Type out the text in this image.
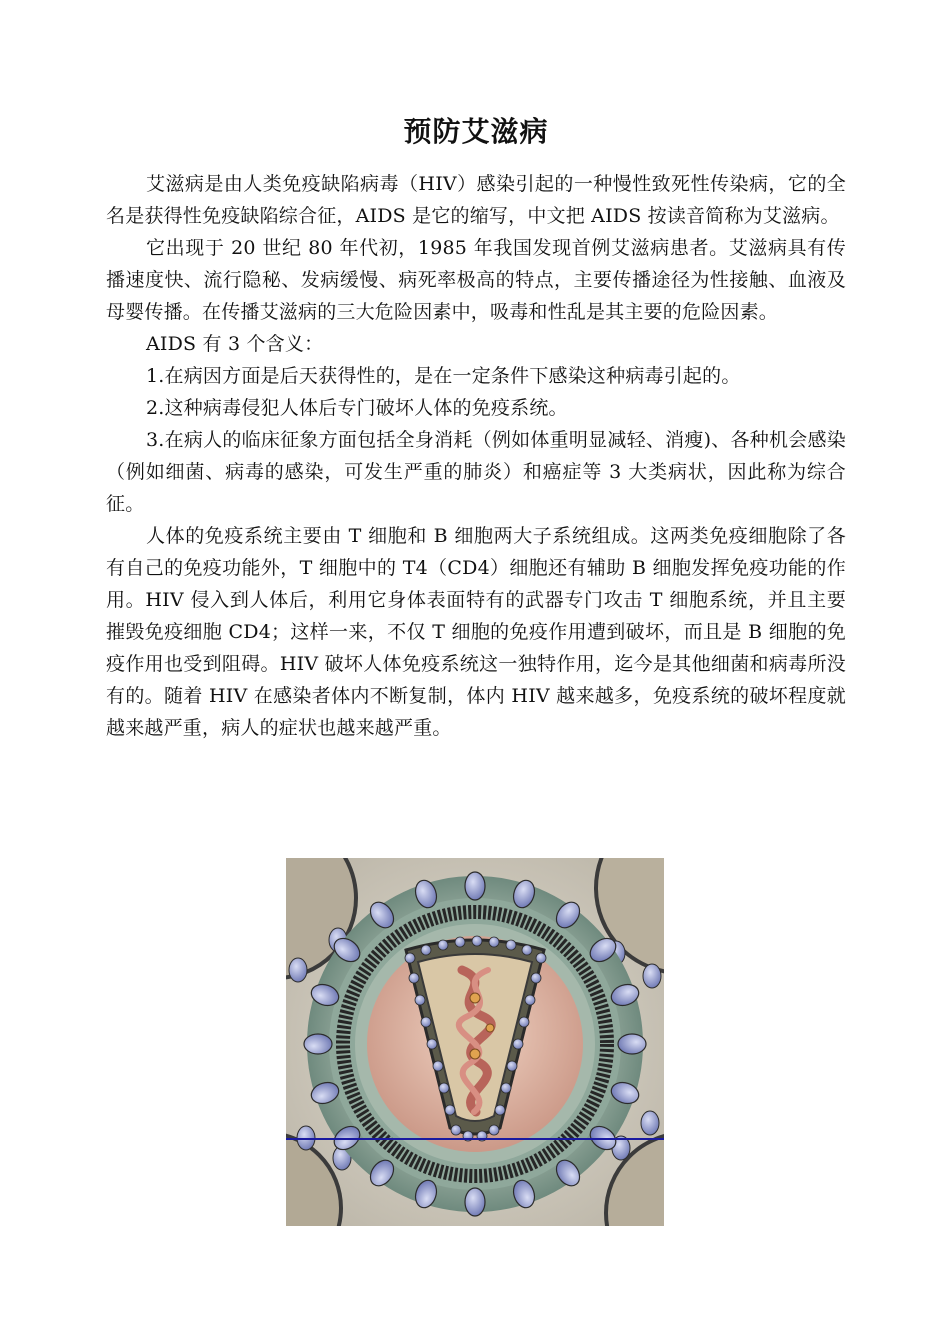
预防艾滋病

艾滋病是由人类免疫缺陷病毒（HIV）感染引起的一种慢性致死性传染病，它的全名是获得性免疫缺陷综合征，AIDS 是它的缩写，中文把 AIDS 按读音简称为艾滋病。

它出现于 20 世纪 80 年代初，1985 年我国发现首例艾滋病患者。艾滋病具有传播速度快、流行隐秘、发病缓慢、病死率极高的特点，主要传播途径为性接触、血液及母婴传播。在传播艾滋病的三大危险因素中，吸毒和性乱是其主要的危险因素。

AIDS 有 3 个含义：

1.在病因方面是后天获得性的，是在一定条件下感染这种病毒引起的。

2.这种病毒侵犯人体后专门破坏人体的免疫系统。

3.在病人的临床征象方面包括全身消耗（例如体重明显减轻、消瘦)、各种机会感染（例如细菌、病毒的感染，可发生严重的肺炎）和癌症等 3 大类病状，因此称为综合征。

人体的免疫系统主要由 T 细胞和 B 细胞两大子系统组成。这两类免疫细胞除了各有自己的免疫功能外，T 细胞中的 T4（CD4）细胞还有辅助 B 细胞发挥免疫功能的作用。HIV 侵入到人体后，利用它身体表面特有的武器专门攻击 T 细胞系统，并且主要摧毁免疫细胞 CD4；这样一来，不仅 T 细胞的免疫作用遭到破坏，而且是 B 细胞的免疫作用也受到阻碍。HIV 破坏人体免疫系统这一独特作用，迄今是其他细菌和病毒所没有的。随着 HIV 在感染者体内不断复制，体内 HIV 越来越多，免疫系统的破坏程度就越来越严重，病人的症状也越来越严重。
